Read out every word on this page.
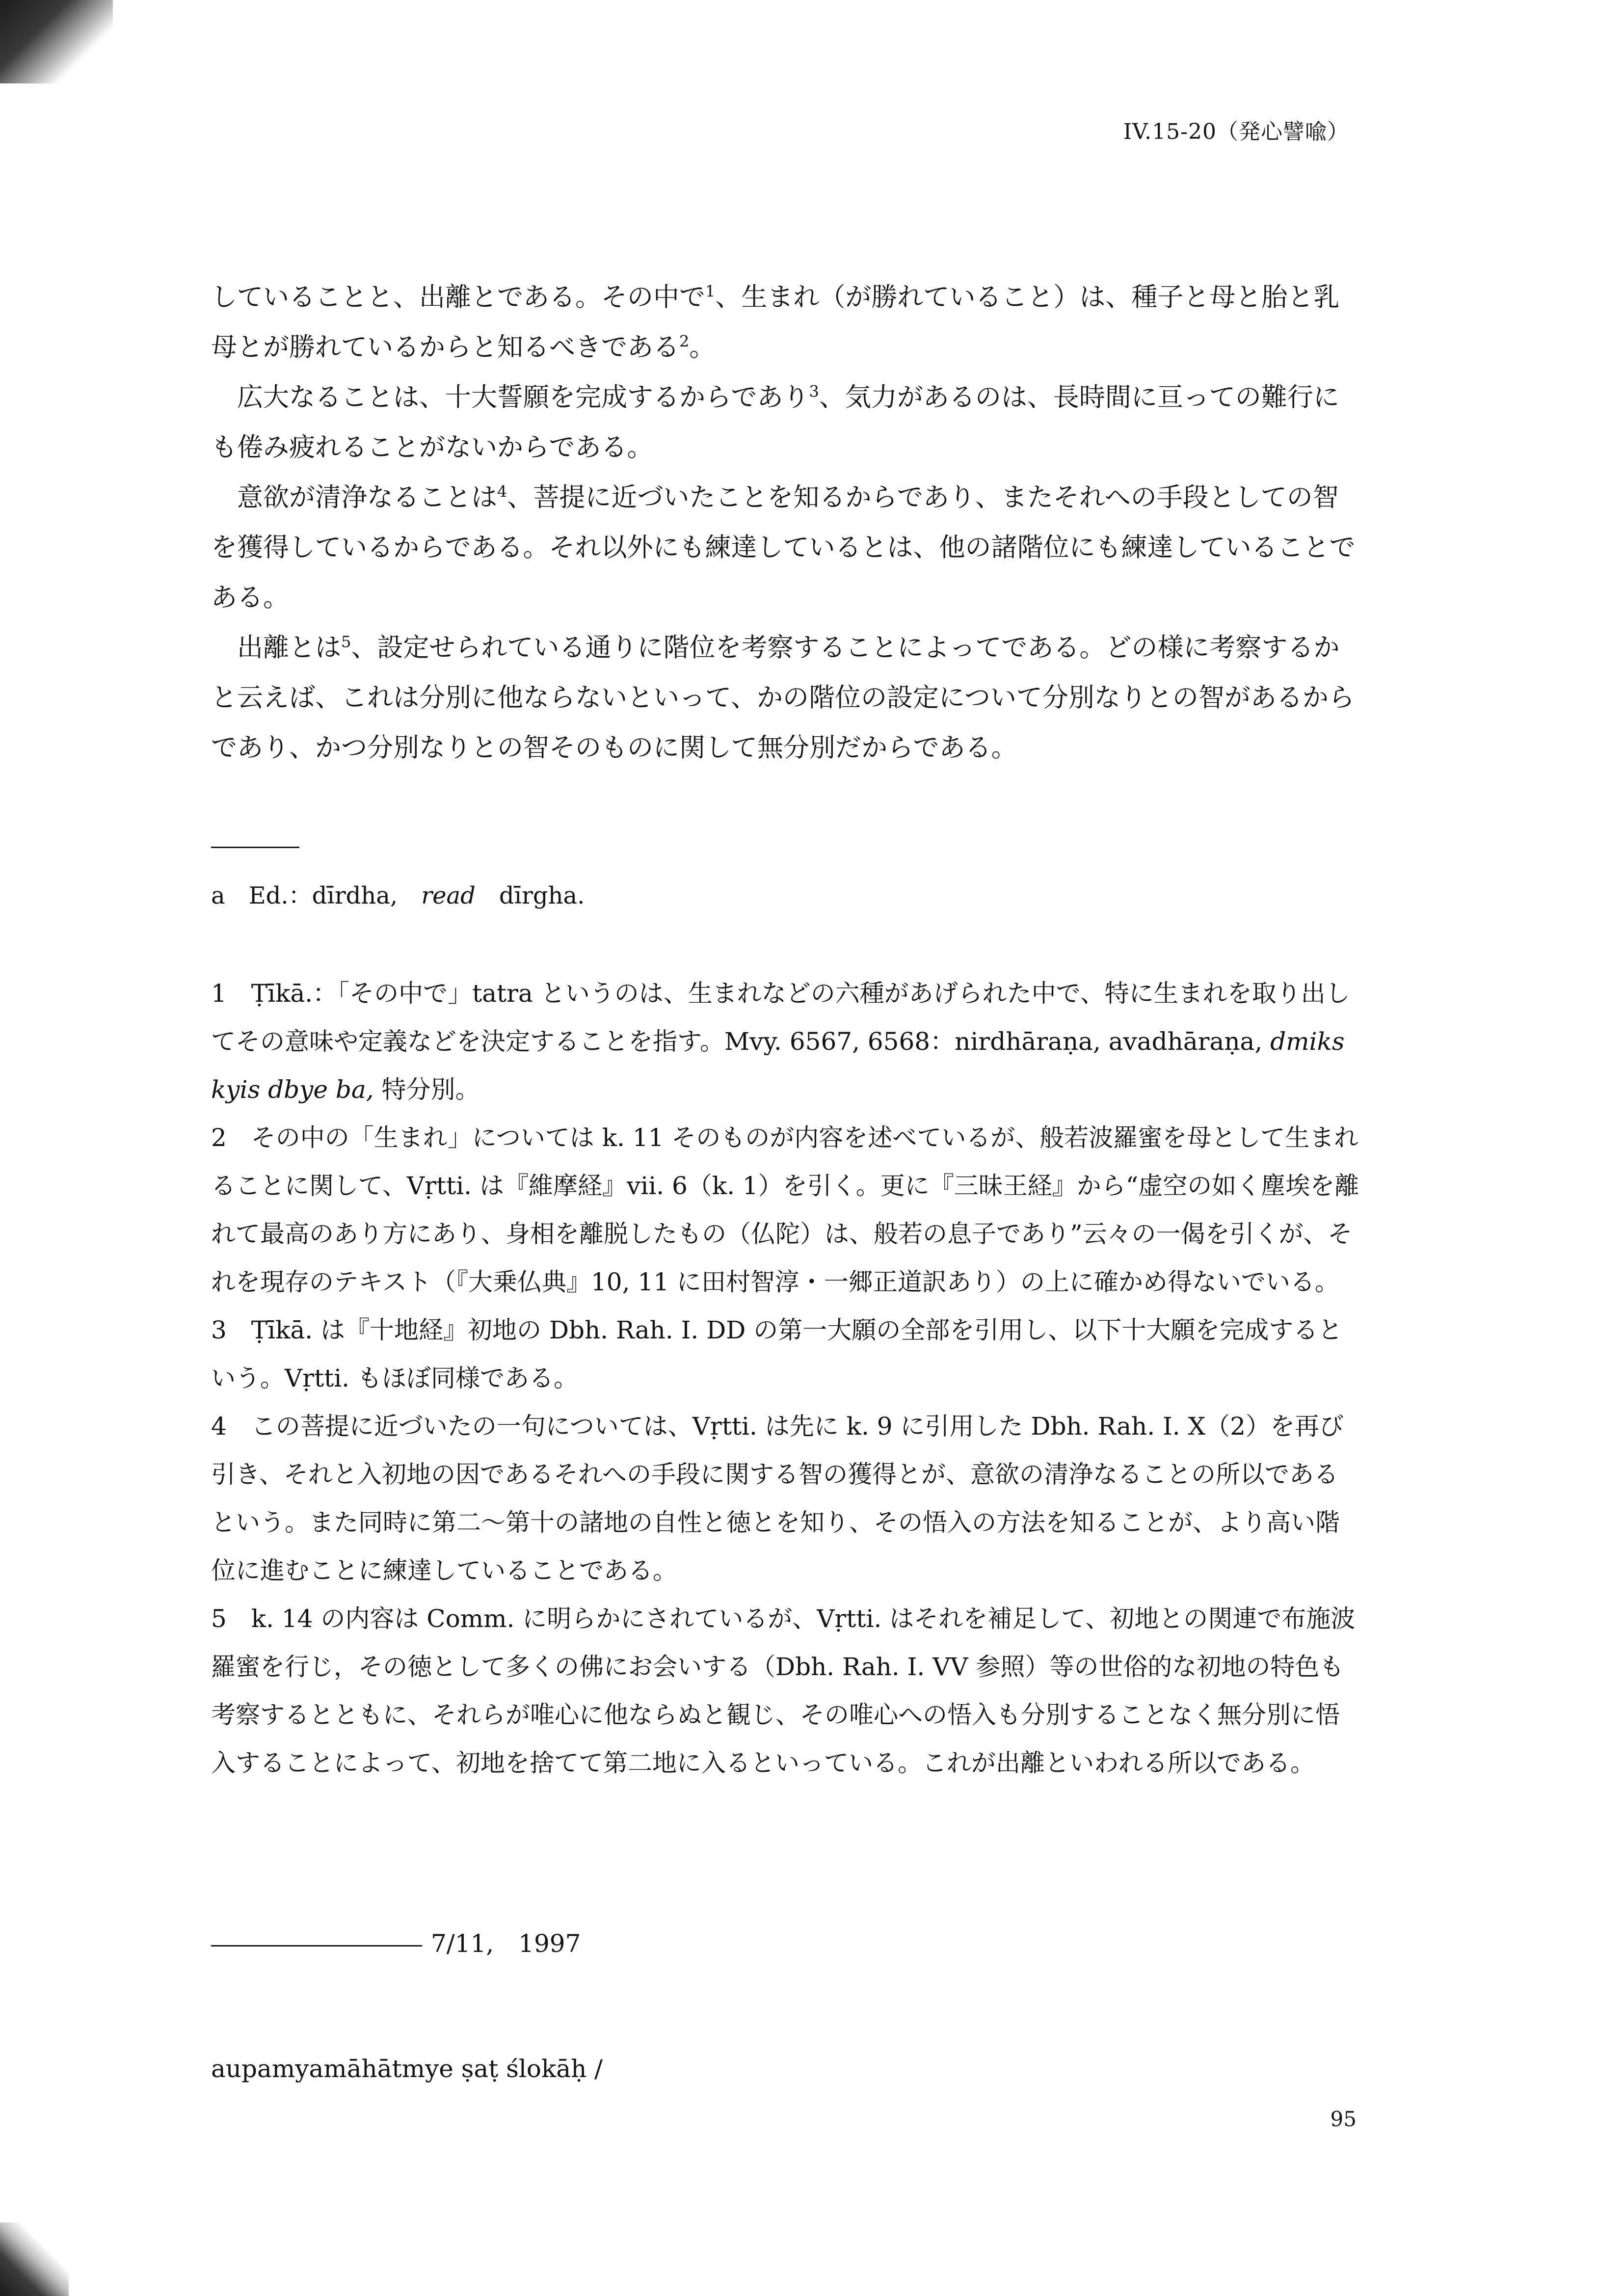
IV.15-20（発心譬喩）

していることと、出離とである。その中で$^1$、生まれ（が勝れていること）は、種子と母と胎と乳母とが勝れているからと知るべきである$^2$。

広大なることは、十大誓願を完成するからであり$^3$、気力があるのは、長時間に亘っての難行にも倦み疲れることがないからである。

意欲が清浄なることは$^4$、菩提に近づいたことを知るからであり、またそれへの手段としての智を獲得しているからである。それ以外にも練達しているとは、他の諸階位にも練達していることである。

出離とは$^5$、設定せられている通りに階位を考察することによってである。どの様に考察するかと云えば、これは分別に他ならないといって、かの階位の設定について分別なりとの智があるからであり、かつ分別なりとの智そのものに関して無分別だからである。

a　Ed.：dīrdha,　read　dīrgha.

1　Ṭīkā.：「その中で」tatra というのは、生まれなどの六種があげられた中で、特に生まれを取り出してその意味や定義などを決定することを指す。Mvy. 6567, 6568：nirdhāraṇa, avadhāraṇa, dmiks kyis dbye ba, 特分別。

2　その中の「生まれ」については k. 11 そのものが内容を述べているが、般若波羅蜜を母として生まれることに関して、Vṛtti. は『維摩経』vii. 6（k. 1）を引く。更に『三昧王経』から“虚空の如く塵埃を離れて最高のあり方にあり、身相を離脱したもの（仏陀）は、般若の息子であり”云々の一偈を引くが、それを現存のテキスト（『大乗仏典』10, 11 に田村智淳・一郷正道訳あり）の上に確かめ得ないでいる。

3　Ṭīkā. は『十地経』初地の Dbh. Rah. I. DD の第一大願の全部を引用し、以下十大願を完成するという。Vṛtti. もほぼ同様である。

4　この菩提に近づいたの一句については、Vṛtti. は先に k. 9 に引用した Dbh. Rah. I. X（2）を再び引き、それと入初地の因であるそれへの手段に関する智の獲得とが、意欲の清浄なることの所以であるという。また同時に第二～第十の諸地の自性と徳とを知り、その悟入の方法を知ることが、より高い階位に進むことに練達していることである。

5　k. 14 の内容は Comm. に明らかにされているが、Vṛtti. はそれを補足して、初地との関連で布施波羅蜜を行じ，その徳として多くの佛にお会いする（Dbh. Rah. I. VV 参照）等の世俗的な初地の特色も考察するとともに、それらが唯心に他ならぬと観じ、その唯心への悟入も分別することなく無分別に悟入することによって、初地を捨てて第二地に入るといっている。これが出離といわれる所以である。

7/11,　1997
aupamyamāhātmye ṣaṭ ślokāḥ /
95
